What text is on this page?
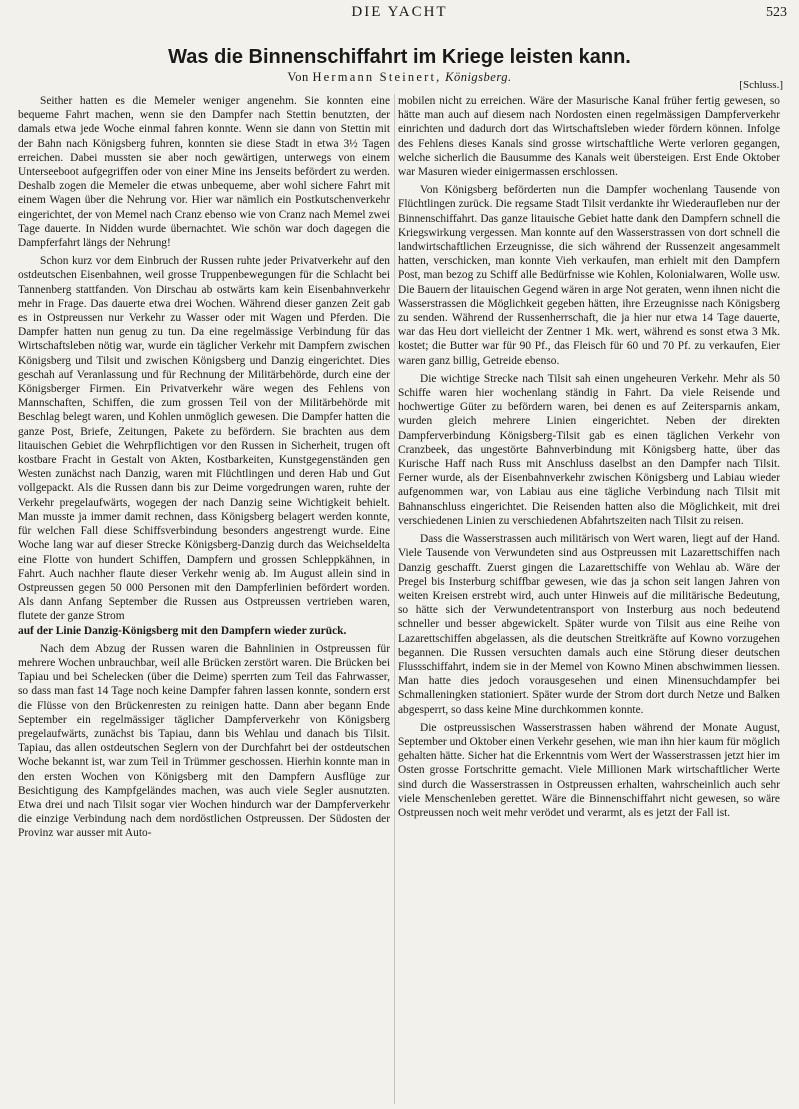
DIE YACHT	523
Was die Binnenschiffahrt im Kriege leisten kann.
Von Hermann Steinert, Königsberg.
[Schluss.]

Seither hatten es die Memeler weniger angenehm. Sie konnten eine bequeme Fahrt machen, wenn sie den Dampfer nach Stettin benutzten, der damals etwa jede Woche einmal fahren konnte. Wenn sie dann von Stettin mit der Bahn nach Königsberg fuhren, konnten sie diese Stadt in etwa 3½ Tagen erreichen. Dabei mussten sie aber noch gewärtigen, unterwegs von einem Unterseeboot aufgegriffen oder von einer Mine ins Jenseits befördert zu werden. Deshalb zogen die Memeler die etwas unbequeme, aber wohl sichere Fahrt mit einem Wagen über die Nehrung vor. Hier war nämlich ein Postkutschenverkehr eingerichtet, der von Memel nach Cranz ebenso wie von Cranz nach Memel zwei Tage dauerte. In Nidden wurde übernachtet. Wie schön war doch dagegen die Dampferfahrt längs der Nehrung!

Schon kurz vor dem Einbruch der Russen ruhte jeder Privatverkehr auf den ostdeutschen Eisenbahnen, weil grosse Truppenbewegungen für die Schlacht bei Tannenberg stattfanden. Von Dirschau ab ostwärts kam kein Eisenbahnverkehr mehr in Frage. Das dauerte etwa drei Wochen. Während dieser ganzen Zeit gab es in Ostpreussen nur Verkehr zu Wasser oder mit Wagen und Pferden. Die Dampfer hatten nun genug zu tun. Da eine regelmässige Verbindung für das Wirtschaftsleben nötig war, wurde ein täglicher Verkehr mit Dampfern zwischen Königsberg und Tilsit und zwischen Königsberg und Danzig eingerichtet. Dies geschah auf Veranlassung und für Rechnung der Militärbehörde, durch eine der Königsberger Firmen. Ein Privatverkehr wäre wegen des Fehlens von Mannschaften, Schiffen, die zum grossen Teil von der Militärbehörde mit Beschlag belegt waren, und Kohlen unmöglich gewesen. Die Dampfer hatten die ganze Post, Briefe, Zeitungen, Pakete zu befördern. Sie brachten aus dem litauischen Gebiet die Wehrpflichtigen vor den Russen in Sicherheit, trugen oft kostbare Fracht in Gestalt von Akten, Kostbarkeiten, Kunstgegenständen gen Westen zunächst nach Danzig, waren mit Flüchtlingen und deren Hab und Gut vollgepackt. Als die Russen dann bis zur Deime vorgedrungen waren, ruhte der Verkehr pregelaufwärts, wogegen der nach Danzig seine Wichtigkeit behielt. Man musste ja immer damit rechnen, dass Königsberg belagert werden konnte, für welchen Fall diese Schiffsverbindung besonders angestrengt wurde. Eine Woche lang war auf dieser Strecke Königsberg-Danzig durch das Weichseldelta eine Flotte von hundert Schiffen, Dampfern und grossen Schleppkähnen, in Fahrt. Auch nachher flaute dieser Verkehr wenig ab. Im August allein sind in Ostpreussen gegen 50 000 Personen mit den Dampferlinien befördert worden. Als dann Anfang September die Russen aus Ostpreussen vertrieben waren, flutete der ganze Strom

auf der Linie Danzig-Königsberg mit den Dampfern wieder zurück.

Nach dem Abzug der Russen waren die Bahnlinien in Ostpreussen für mehrere Wochen unbrauchbar, weil alle Brücken zerstört waren. Die Brücken bei Tapiau und bei Schelecken (über die Deime) sperrten zum Teil das Fahrwasser, so dass man fast 14 Tage noch keine Dampfer fahren lassen konnte, sondern erst die Flüsse von den Brückenresten zu reinigen hatte. Dann aber begann Ende September ein regelmässiger täglicher Dampferverkehr von Königsberg pregelaufwärts, zunächst bis Tapiau, dann bis Wehlau und danach bis Tilsit. Tapiau, das allen ostdeutschen Seglern von der Durchfahrt bei der ostdeutschen Woche bekannt ist, war zum Teil in Trümmer geschossen. Hierhin konnte man in den ersten Wochen von Königsberg mit den Dampfern Ausflüge zur Besichtigung des Kampfgeländes machen, was auch viele Segler ausnutzten. Etwa drei und nach Tilsit sogar vier Wochen hindurch war der Dampferverkehr die einzige Verbindung nach dem nordöstlichen Ostpreussen. Der Südosten der Provinz war ausser mit Auto-

mobilen nicht zu erreichen. Wäre der Masurische Kanal früher fertig gewesen, so hätte man auch auf diesem nach Nordosten einen regelmässigen Dampferverkehr einrichten und dadurch dort das Wirtschaftsleben wieder fördern können. Infolge des Fehlens dieses Kanals sind grosse wirtschaftliche Werte verloren gegangen, welche sicherlich die Bausumme des Kanals weit übersteigen. Erst Ende Oktober war Masuren wieder einigermassen erschlossen.

Von Königsberg beförderten nun die Dampfer wochenlang Tausende von Flüchtlingen zurück. Die regsame Stadt Tilsit verdankte ihr Wiederaufleben nur der Binnenschiffahrt. Das ganze litauische Gebiet hatte dank den Dampfern schnell die Kriegswirkung vergessen. Man konnte auf den Wasserstrassen von dort schnell die landwirtschaftlichen Erzeugnisse, die sich während der Russenzeit angesammelt hatten, verschicken, man konnte Vieh verkaufen, man erhielt mit den Dampfern Post, man bezog zu Schiff alle Bedürfnisse wie Kohlen, Kolonialwaren, Wolle usw. Die Bauern der litauischen Gegend wären in arge Not geraten, wenn ihnen nicht die Wasserstrassen die Möglichkeit gegeben hätten, ihre Erzeugnisse nach Königsberg zu senden. Während der Russenherrschaft, die ja hier nur etwa 14 Tage dauerte, war das Heu dort vielleicht der Zentner 1 Mk. wert, während es sonst etwa 3 Mk. kostet; die Butter war für 90 Pf., das Fleisch für 60 und 70 Pf. zu verkaufen, Eier waren ganz billig, Getreide ebenso.

Die wichtige Strecke nach Tilsit sah einen ungeheuren Verkehr. Mehr als 50 Schiffe waren hier wochenlang ständig in Fahrt. Da viele Reisende und hochwertige Güter zu befördern waren, bei denen es auf Zeitersparnis ankam, wurden gleich mehrere Linien eingerichtet. Neben der direkten Dampferverbindung Königsberg-Tilsit gab es einen täglichen Verkehr von Cranzbeek, das ungestörte Bahnverbindung mit Königsberg hatte, über das Kurische Haff nach Russ mit Anschluss daselbst an den Dampfer nach Tilsit. Ferner wurde, als der Eisenbahnverkehr zwischen Königsberg und Labiau wieder aufgenommen war, von Labiau aus eine tägliche Verbindung nach Tilsit mit Bahnanschluss eingerichtet. Die Reisenden hatten also die Möglichkeit, mit drei verschiedenen Linien zu verschiedenen Abfahrtszeiten nach Tilsit zu reisen.

Dass die Wasserstrassen auch militärisch von Wert waren, liegt auf der Hand. Viele Tausende von Verwundeten sind aus Ostpreussen mit Lazarettschiffen nach Danzig geschafft. Zuerst gingen die Lazarettschiffe von Wehlau ab. Wäre der Pregel bis Insterburg schiffbar gewesen, wie das ja schon seit langen Jahren von weiten Kreisen erstrebt wird, auch unter Hinweis auf die militärische Bedeutung, so hätte sich der Verwundetentransport von Insterburg aus noch bedeutend schneller und besser abgewickelt. Später wurde von Tilsit aus eine Reihe von Lazarettschiffen abgelassen, als die deutschen Streitkräfte auf Kowno vorzugehen begannen. Die Russen versuchten damals auch eine Störung dieser deutschen Flussschiffahrt, indem sie in der Memel von Kowno Minen abschwimmen liessen. Man hatte dies jedoch vorausgesehen und einen Minensuchdampfer bei Schmalleningken stationiert. Später wurde der Strom dort durch Netze und Balken abgesperrt, so dass keine Mine durchkommen konnte.

Die ostpreussischen Wasserstrassen haben während der Monate August, September und Oktober einen Verkehr gesehen, wie man ihn hier kaum für möglich gehalten hätte. Sicher hat die Erkenntnis vom Wert der Wasserstrassen jetzt hier im Osten grosse Fortschritte gemacht. Viele Millionen Mark wirtschaftlicher Werte sind durch die Wasserstrassen in Ostpreussen erhalten, wahrscheinlich auch sehr viele Menschenleben gerettet. Wäre die Binnenschiffahrt nicht gewesen, so wäre Ostpreussen noch weit mehr verödet und verarmt, als es jetzt der Fall ist.
